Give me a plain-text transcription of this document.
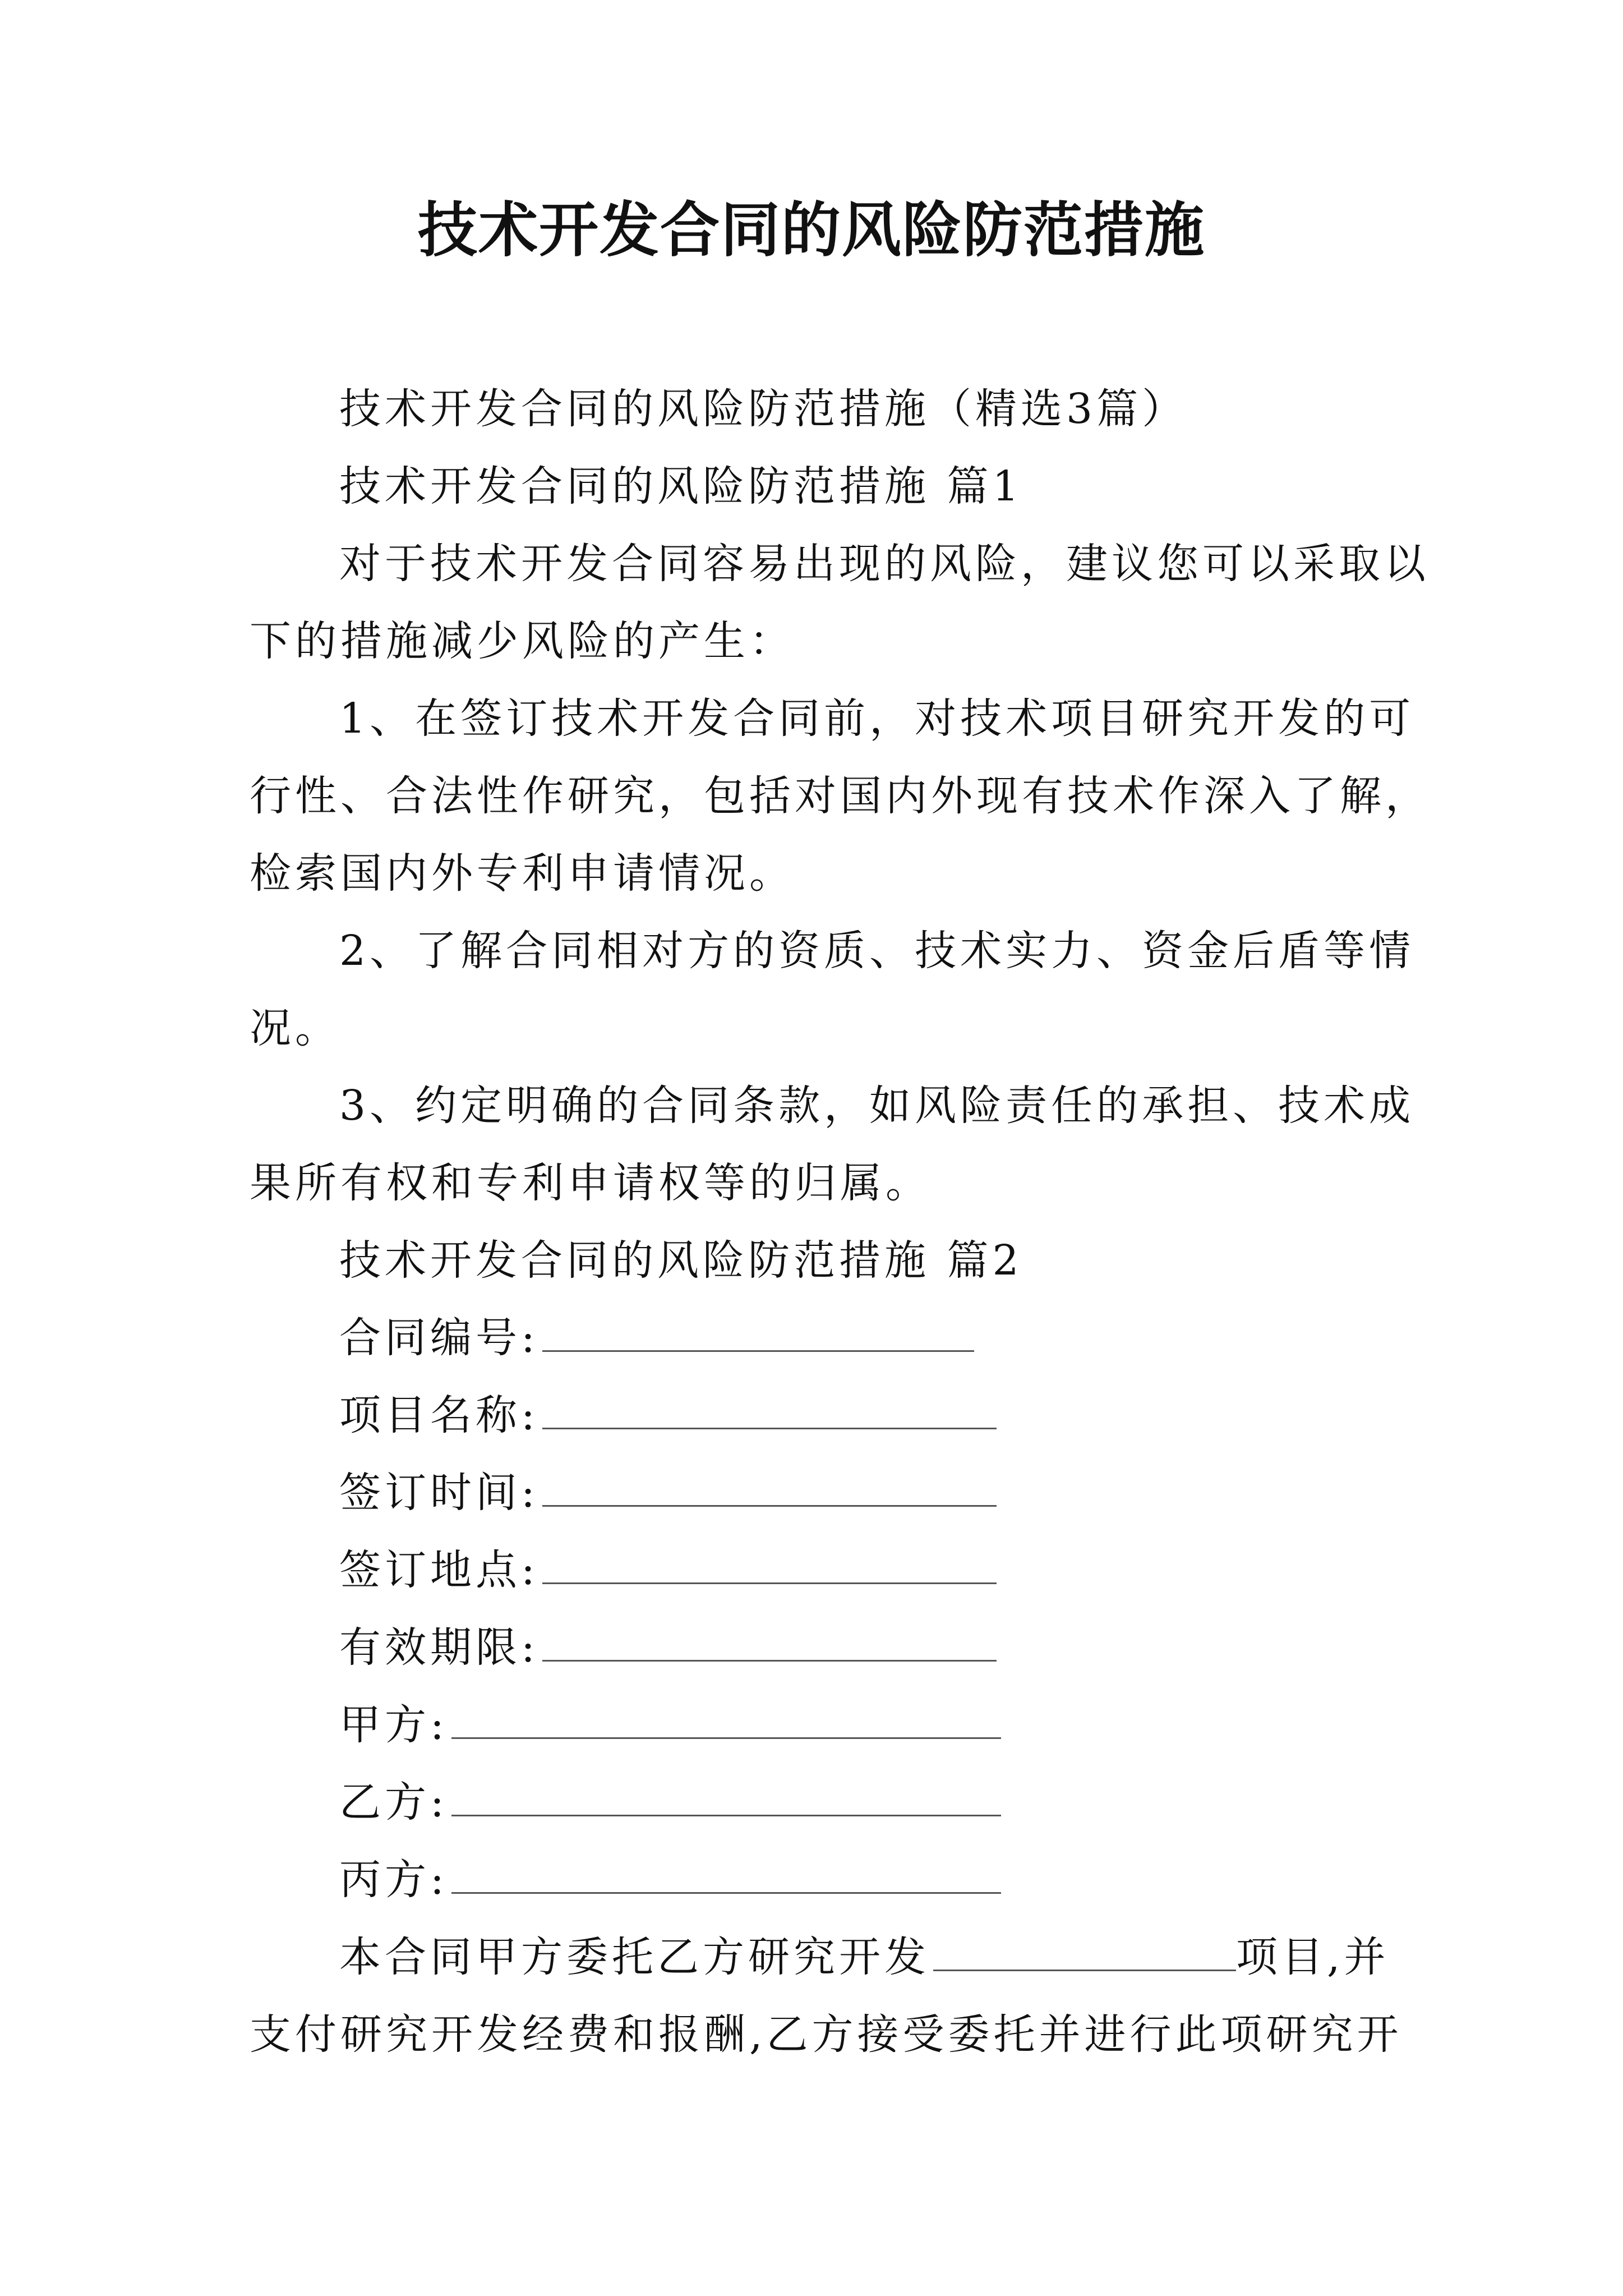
技术开发合同的风险防范措施

技术开发合同的风险防范措施（精选3篇）

技术开发合同的风险防范措施 篇1

对于技术开发合同容易出现的风险，建议您可以采取以

下的措施减少风险的产生：

1、在签订技术开发合同前，对技术项目研究开发的可

行性、合法性作研究，包括对国内外现有技术作深入了解，

检索国内外专利申请情况。

2、了解合同相对方的资质、技术实力、资金后盾等情

况。

3、约定明确的合同条款，如风险责任的承担、技术成

果所有权和专利申请权等的归属。

技术开发合同的风险防范措施 篇2

合同编号:

项目名称:

签订时间:

签订地点:

有效期限:

甲方:

乙方:

丙方:

本合同甲方委托乙方研究开发	项目,并

支付研究开发经费和报酬,乙方接受委托并进行此项研究开
